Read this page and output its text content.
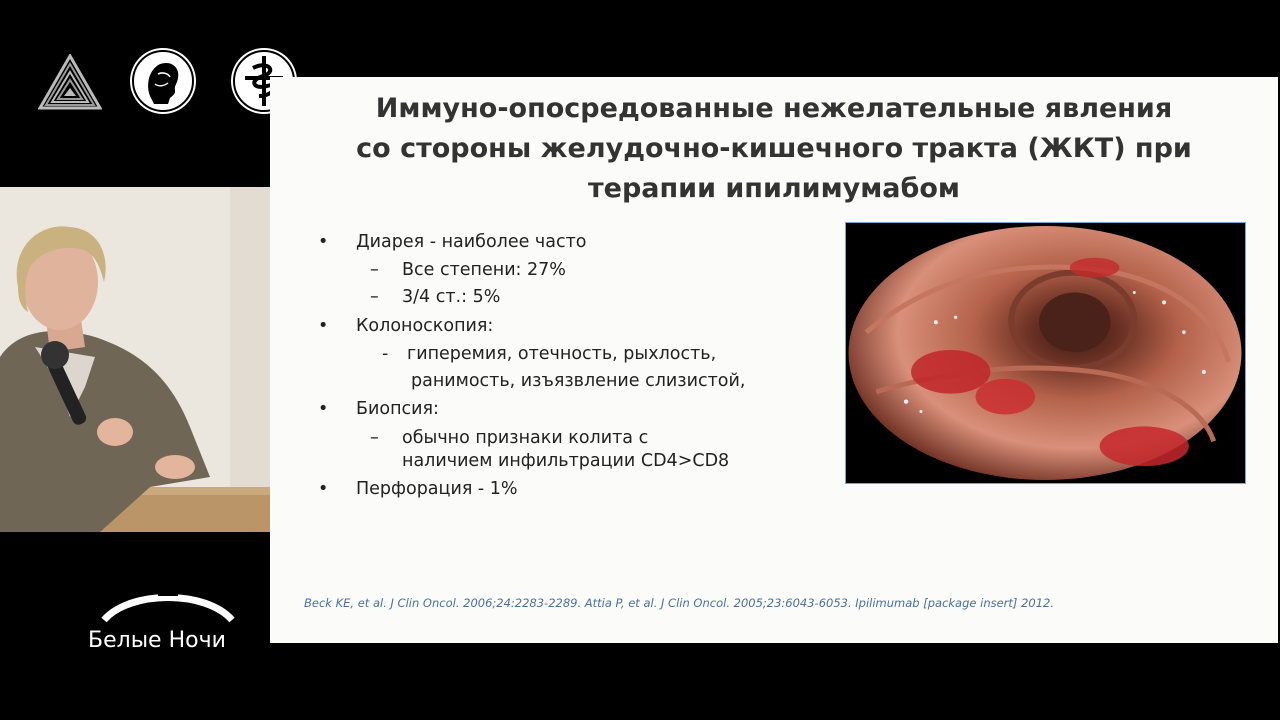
Иммуно-опосредованные нежелательные явления
со стороны желудочно-кишечного тракта (ЖКТ) при
терапии ипилимумабом
• Диарея - наиболее часто
– Все степени: 27%
– 3/4 ст.: 5%
• Колоноскопия:
- гиперемия, отечность, рыхлость,
ранимость, изъязвление слизистой,
• Биопсия:
– обычно признаки колита с
наличием инфильтрации CD4>CD8
• Перфорация - 1%
Beck KE, et al. J Clin Oncol. 2006;24:2283-2289. Attia P, et al. J Clin Oncol. 2005;23:6043-6053. Ipilimumab [package insert] 2012.
Белые Ночи
